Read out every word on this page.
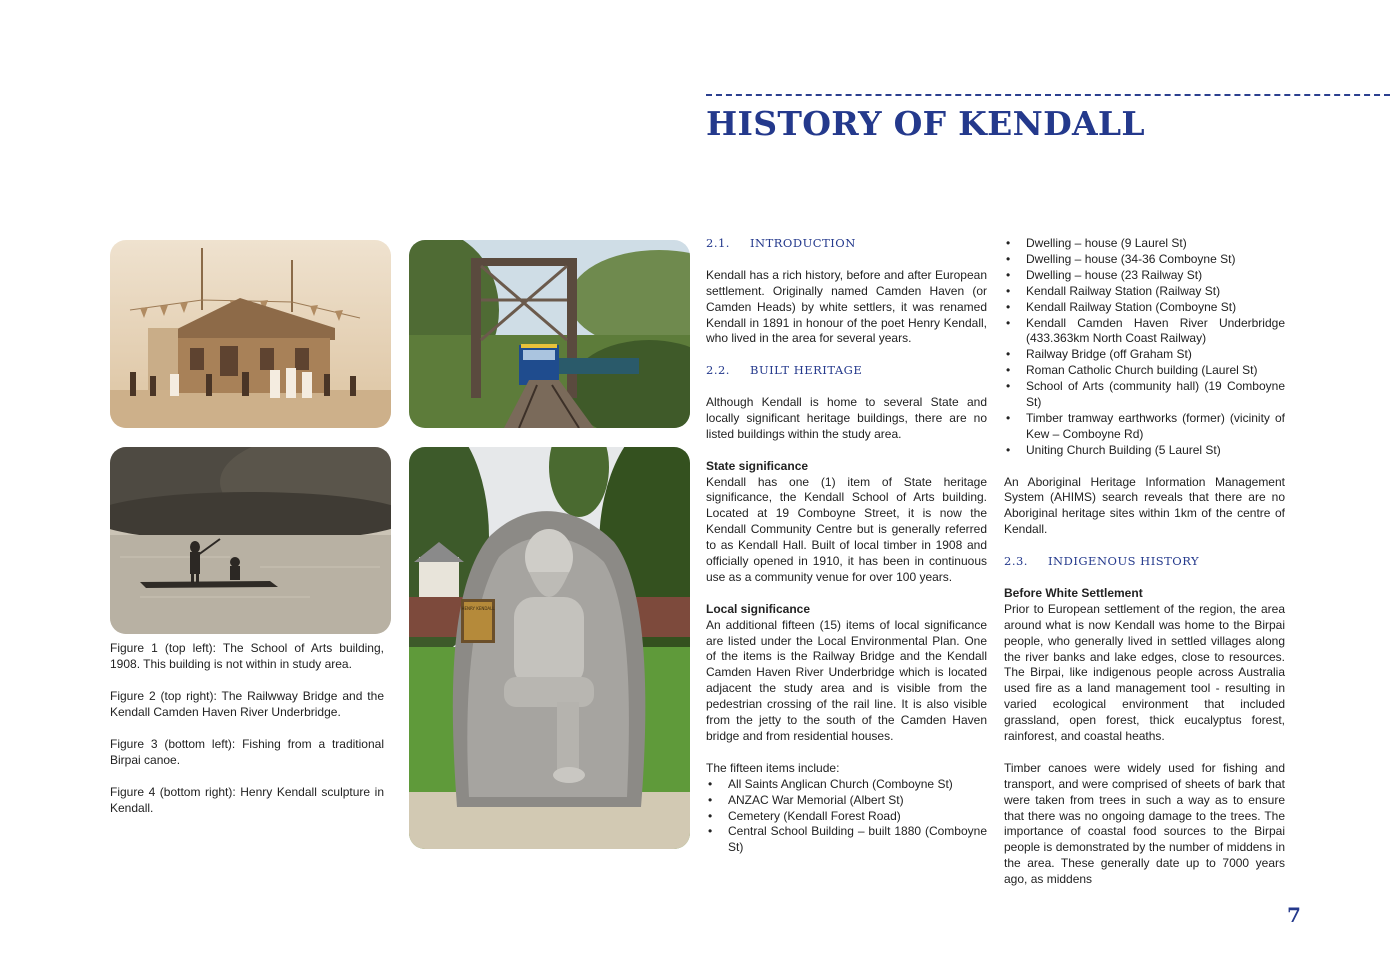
HISTORY OF KENDALL
HENRY KENDALL

Figure 1 (top left): The School of Arts building, 1908. This building is not within in study area.

Figure 2 (top right): The Railwway Bridge and the Kendall Camden Haven River Underbridge.

Figure 3 (bottom left): Fishing from a traditional Birpai canoe.

Figure 4 (bottom right): Henry Kendall sculpture in Kendall.

2.1. INTRODUCTION

Kendall has a rich history, before and after European settlement. Originally named Camden Haven (or Camden Heads) by white settlers, it was renamed Kendall in 1891 in honour of the poet Henry Kendall, who lived in the area for several years.

2.2. BUILT HERITAGE

Although Kendall is home to several State and locally significant heritage buildings, there are no listed buildings within the study area.

State significance

Kendall has one (1) item of State heritage significance, the Kendall School of Arts building. Located at 19 Comboyne Street, it is now the Kendall Community Centre but is generally referred to as Kendall Hall. Built of local timber in 1908 and officially opened in 1910, it has been in continuous use as a community venue for over 100 years.

Local significance

An additional fifteen (15) items of local significance are listed under the Local Environmental Plan. One of the items is the Railway Bridge and the Kendall Camden Haven River Underbridge which is located adjacent the study area and is visible from the pedestrian crossing of the rail line. It is also visible from the jetty to the south of the Camden Haven bridge and from residential houses.

The fifteen items include:
• All Saints Anglican Church (Comboyne St)
• ANZAC War Memorial (Albert St)
• Cemetery (Kendall Forest Road)
• Central School Building – built 1880 (Comboyne St)
• Dwelling – house (9 Laurel St)
• Dwelling – house (34-36 Comboyne St)
• Dwelling – house (23 Railway St)
• Kendall Railway Station (Railway St)
• Kendall Railway Station (Comboyne St)
• Kendall Camden Haven River Underbridge (433.363km North Coast Railway)
• Railway Bridge (off Graham St)
• Roman Catholic Church building (Laurel St)
• School of Arts (community hall) (19 Comboyne St)
• Timber tramway earthworks (former) (vicinity of Kew – Comboyne Rd)
• Uniting Church Building (5 Laurel St)

An Aboriginal Heritage Information Management System (AHIMS) search reveals that there are no Aboriginal heritage sites within 1km of the centre of Kendall.

2.3. INDIGENOUS HISTORY
Before White Settlement

Prior to European settlement of the region, the area around what is now Kendall was home to the Birpai people, who generally lived in settled villages along the river banks and lake edges, close to resources. The Birpai, like indigenous people across Australia used fire as a land management tool - resulting in varied ecological environment that included grassland, open forest, thick eucalyptus forest, rainforest, and coastal heaths.

Timber canoes were widely used for fishing and transport, and were comprised of sheets of bark that were taken from trees in such a way as to ensure that there was no ongoing damage to the trees. The importance of coastal food sources to the Birpai people is demonstrated by the number of middens in the area. These generally date up to 7000 years ago, as middens

7
